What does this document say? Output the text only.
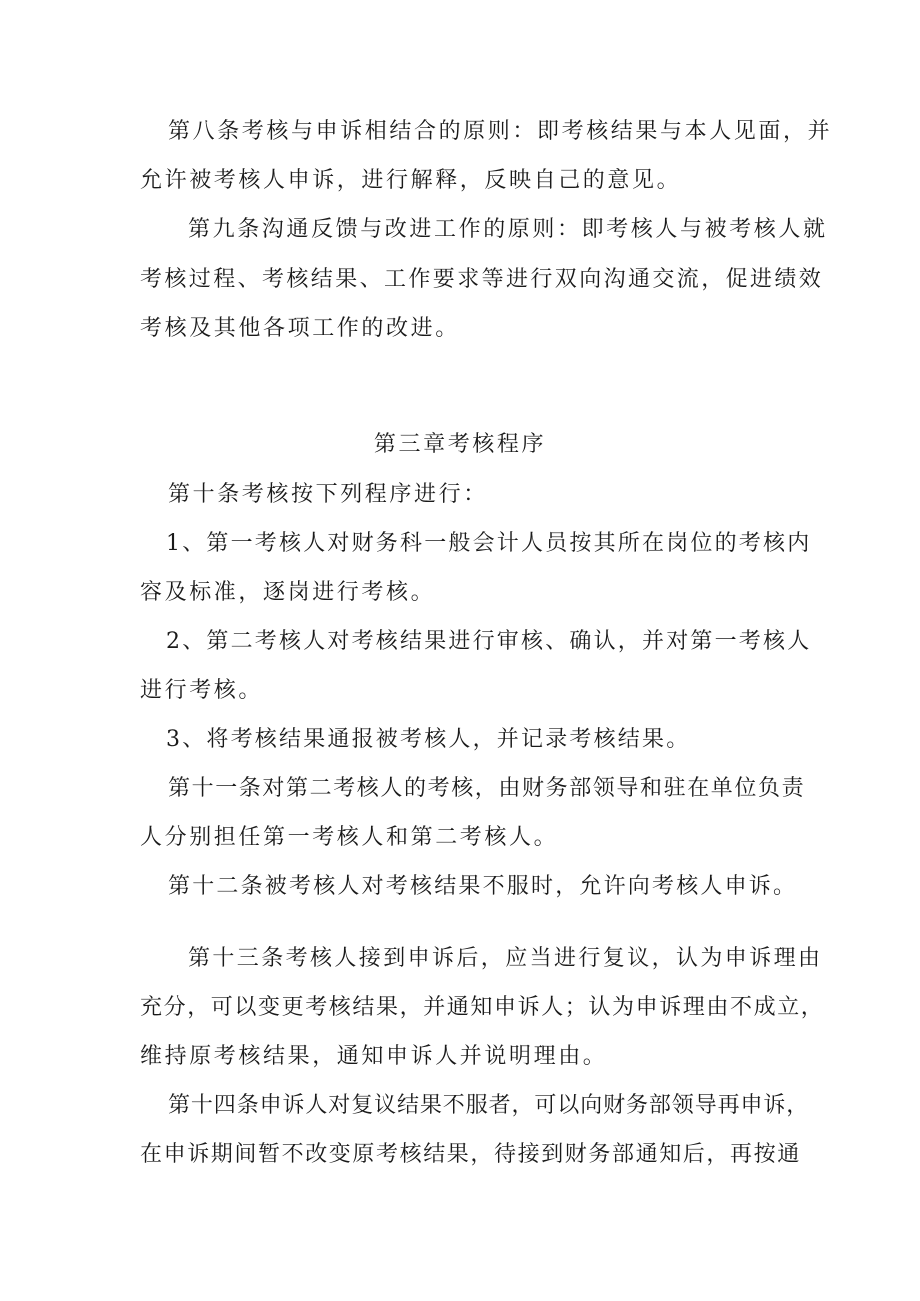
第八条考核与申诉相结合的原则：即考核结果与本人见面，并

允许被考核人申诉，进行解释，反映自己的意见。

第九条沟通反馈与改进工作的原则：即考核人与被考核人就

考核过程、考核结果、工作要求等进行双向沟通交流，促进绩效

考核及其他各项工作的改进。

第三章考核程序

第十条考核按下列程序进行：

1、第一考核人对财务科一般会计人员按其所在岗位的考核内

容及标准，逐岗进行考核。

2、第二考核人对考核结果进行审核、确认，并对第一考核人

进行考核。

3、将考核结果通报被考核人，并记录考核结果。

第十一条对第二考核人的考核，由财务部领导和驻在单位负责

人分别担任第一考核人和第二考核人。

第十二条被考核人对考核结果不服时，允许向考核人申诉。

第十三条考核人接到申诉后，应当进行复议，认为申诉理由

充分，可以变更考核结果，并通知申诉人；认为申诉理由不成立，

维持原考核结果，通知申诉人并说明理由。

第十四条申诉人对复议结果不服者，可以向财务部领导再申诉，

在申诉期间暂不改变原考核结果，待接到财务部通知后，再按通
